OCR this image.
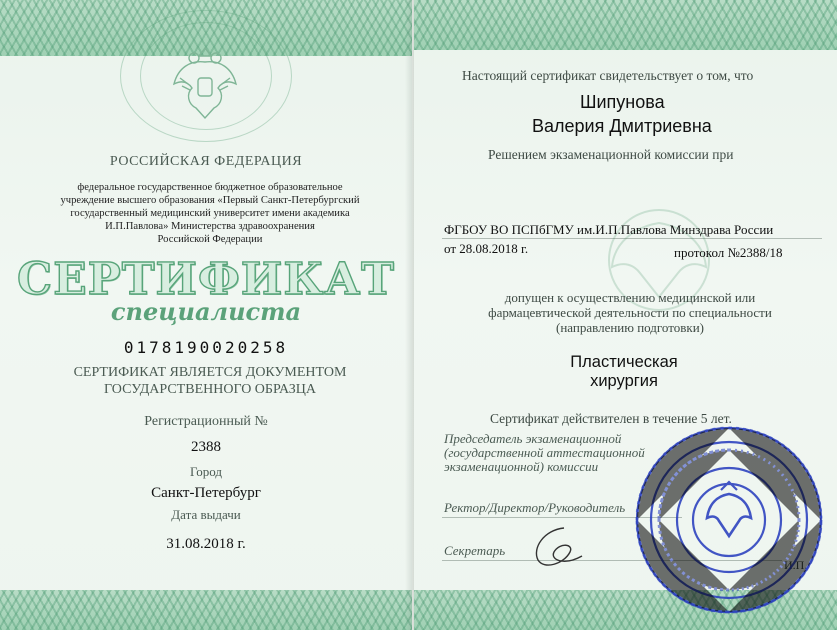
РОССИЙСКАЯ ФЕДЕРАЦИЯ
федеральное государственное бюджетное образовательное
учреждение высшего образования «Первый Санкт-Петербургский
государственный медицинский университет имени академика
И.П.Павлова» Министерства здравоохранения
Российской Федерации
СЕРТИФИКАТ
специалиста
0178190020258
СЕРТИФИКАТ ЯВЛЯЕТСЯ ДОКУМЕНТОМ
ГОСУДАРСТВЕННОГО ОБРАЗЦА
Регистрационный №
2388
Город
Санкт-Петербург
Дата выдачи
31.08.2018 г.
Настоящий сертификат свидетельствует о том, что
Шипунова
Валерия Дмитриевна
Решением экзаменационной комиссии при
ФГБОУ ВО ПСПбГМУ им.И.П.Павлова Минздрава России
от 28.08.2018 г.	протокол №2388/18
допущен к осуществлению медицинской или
фармацевтической деятельности по специальности
(направлению подготовки)
Пластическая
хирургия
Сертификат действителен в течение 5 лет.
Председатель экзаменационной
(государственной аттестационной
экзаменационной) комиссии
Ректор/Директор/Руководитель
Секретарь
